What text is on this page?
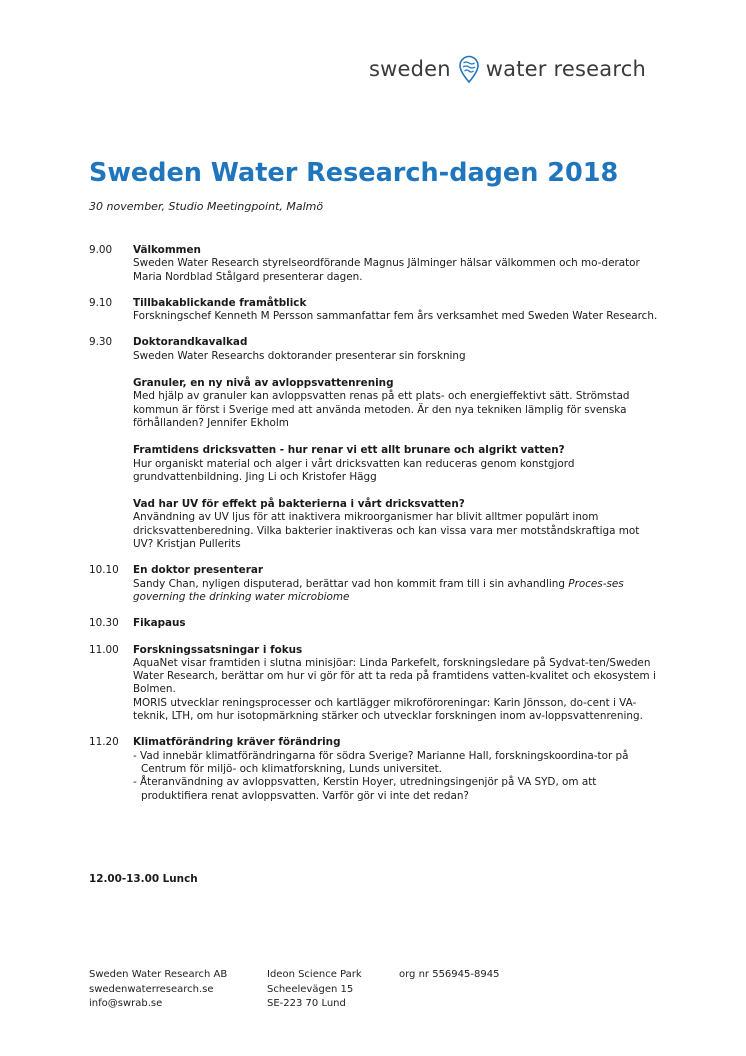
sweden water research
Sweden Water Research-dagen 2018
30 november, Studio Meetingpoint, Malmö
9.00 Välkommen
Sweden Water Research styrelseordförande Magnus Jälminger hälsar välkommen och mo-derator Maria Nordblad Stålgard presenterar dagen.
9.10 Tillbakablickande framåtblick
Forskningschef Kenneth M Persson sammanfattar fem års verksamhet med Sweden Water Research.
9.30 Doktorandkavalkad
Sweden Water Researchs doktorander presenterar sin forskning
Granuler, en ny nivå av avloppsvattenrening
Med hjälp av granuler kan avloppsvatten renas på ett plats- och energieffektivt sätt. Strömstad kommun är först i Sverige med att använda metoden. Är den nya tekniken lämplig för svenska förhållanden? Jennifer Ekholm
Framtidens dricksvatten - hur renar vi ett allt brunare och algrikt vatten?
Hur organiskt material och alger i vårt dricksvatten kan reduceras genom konstgjord grundvattenbildning. Jing Li och Kristofer Hägg
Vad har UV för effekt på bakterierna i vårt dricksvatten?
Användning av UV ljus för att inaktivera mikroorganismer har blivit alltmer populärt inom dricksvattenberedning. Vilka bakterier inaktiveras och kan vissa vara mer motståndskraftiga mot UV? Kristjan Pullerits
10.10 En doktor presenterar
Sandy Chan, nyligen disputerad, berättar vad hon kommit fram till i sin avhandling Proces-ses governing the drinking water microbiome
10.30 Fikapaus
11.00 Forskningssatsningar i fokus
AquaNet visar framtiden i slutna minisjöar: Linda Parkefelt, forskningsledare på Sydvat-ten/Sweden Water Research, berättar om hur vi gör för att ta reda på framtidens vatten-kvalitet och ekosystem i Bolmen.
MORIS utvecklar reningsprocesser och kartlägger mikroföroreningar: Karin Jönsson, do-cent i VA-teknik, LTH, om hur isotopmärkning stärker och utvecklar forskningen inom av-loppsvattenrening.
11.20 Klimatförändring kräver förändring
- Vad innebär klimatförändringarna för södra Sverige? Marianne Hall, forskningskoordina-tor på Centrum för miljö- och klimatforskning, Lunds universitet.
- Återanvändning av avloppsvatten, Kerstin Hoyer, utredningsingenjör på VA SYD, om att produktifiera renat avloppsvatten. Varför gör vi inte det redan?
12.00-13.00 Lunch
Sweden Water Research AB
swedenwaterresearch.se
info@swrab.se
Ideon Science Park
Scheelevägen 15
SE-223 70 Lund
org nr 556945-8945
